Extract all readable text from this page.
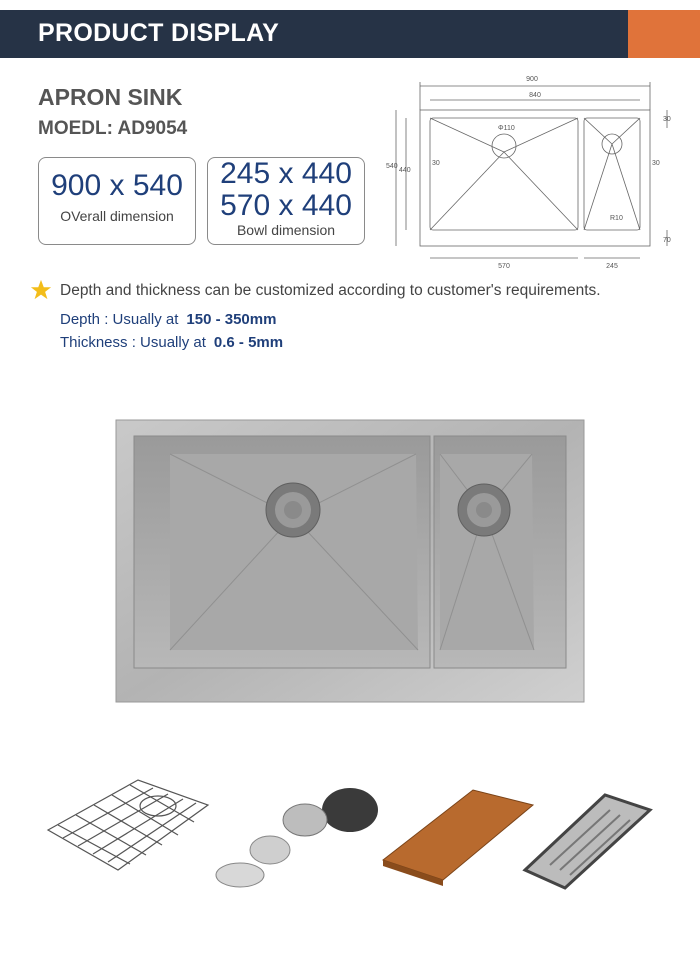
PRODUCT DISPLAY
APRON SINK
MOEDL: AD9054
900 x 540
OVerall dimension
245 x 440
570 x 440
Bowl dimension
900
840
Φ110
30	30
30
540
440
R10
70
570	245
Depth and thickness can be customized according to customer's requirements.
Depth : Usually at 150 - 350mm
Thickness : Usually at 0.6 - 5mm
